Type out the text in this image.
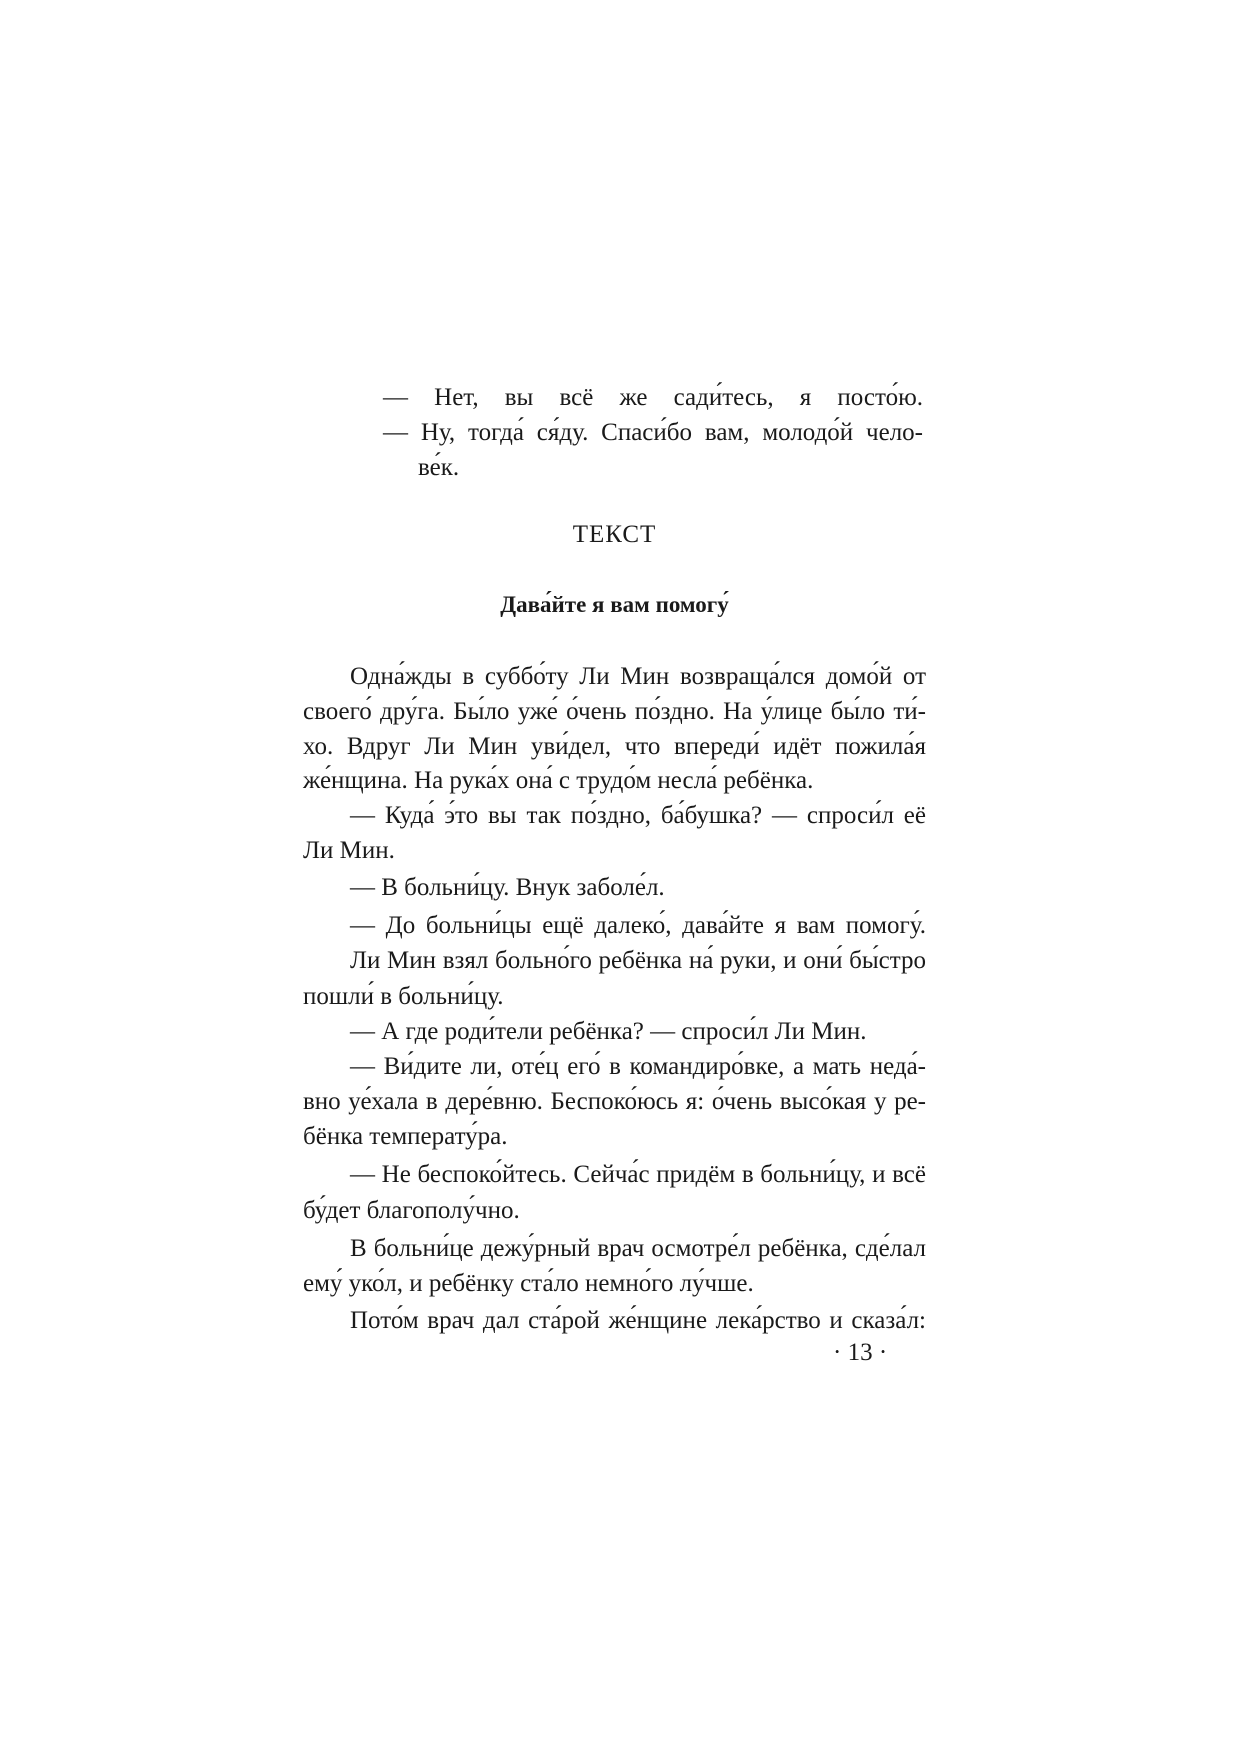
— Нет, вы всё же сади́тесь, я посто́ю.
— Ну, тогда́ ся́ду. Спаси́бо вам, молодо́й чело-
ве́к.
ТЕКСТ
Дава́йте я вам помогу́
Одна́жды в суббо́ту Ли Мин возвраща́лся домо́й от
своего́ дру́га. Бы́ло уже́ о́чень по́здно. На у́лице бы́ло ти́-
хо. Вдруг Ли Мин уви́дел, что впереди́ идёт пожила́я
же́нщина. На рука́х она́ с трудо́м несла́ ребёнка.
— Куда́ э́то вы так по́здно, ба́бушка? — спроси́л её
Ли Мин.
— В больни́цу. Внук заболе́л.
— До больни́цы ещё далеко́, дава́йте я вам помогу́.
Ли Мин взял больно́го ребёнка на́ руки, и они́ бы́стро
пошли́ в больни́цу.
— А где роди́тели ребёнка? — спроси́л Ли Мин.
— Ви́дите ли, оте́ц его́ в командиро́вке, а мать неда́-
вно уе́хала в дере́вню. Беспоко́юсь я: о́чень высо́кая у ре-
бёнка температу́ра.
— Не беспоко́йтесь. Сейча́с придём в больни́цу, и всё
бу́дет благополу́чно.
В больни́це дежу́рный врач осмотре́л ребёнка, сде́лал
ему́ уко́л, и ребёнку ста́ло немно́го лу́чше.
Пото́м врач дал ста́рой же́нщине лека́рство и сказа́л:
· 13 ·
